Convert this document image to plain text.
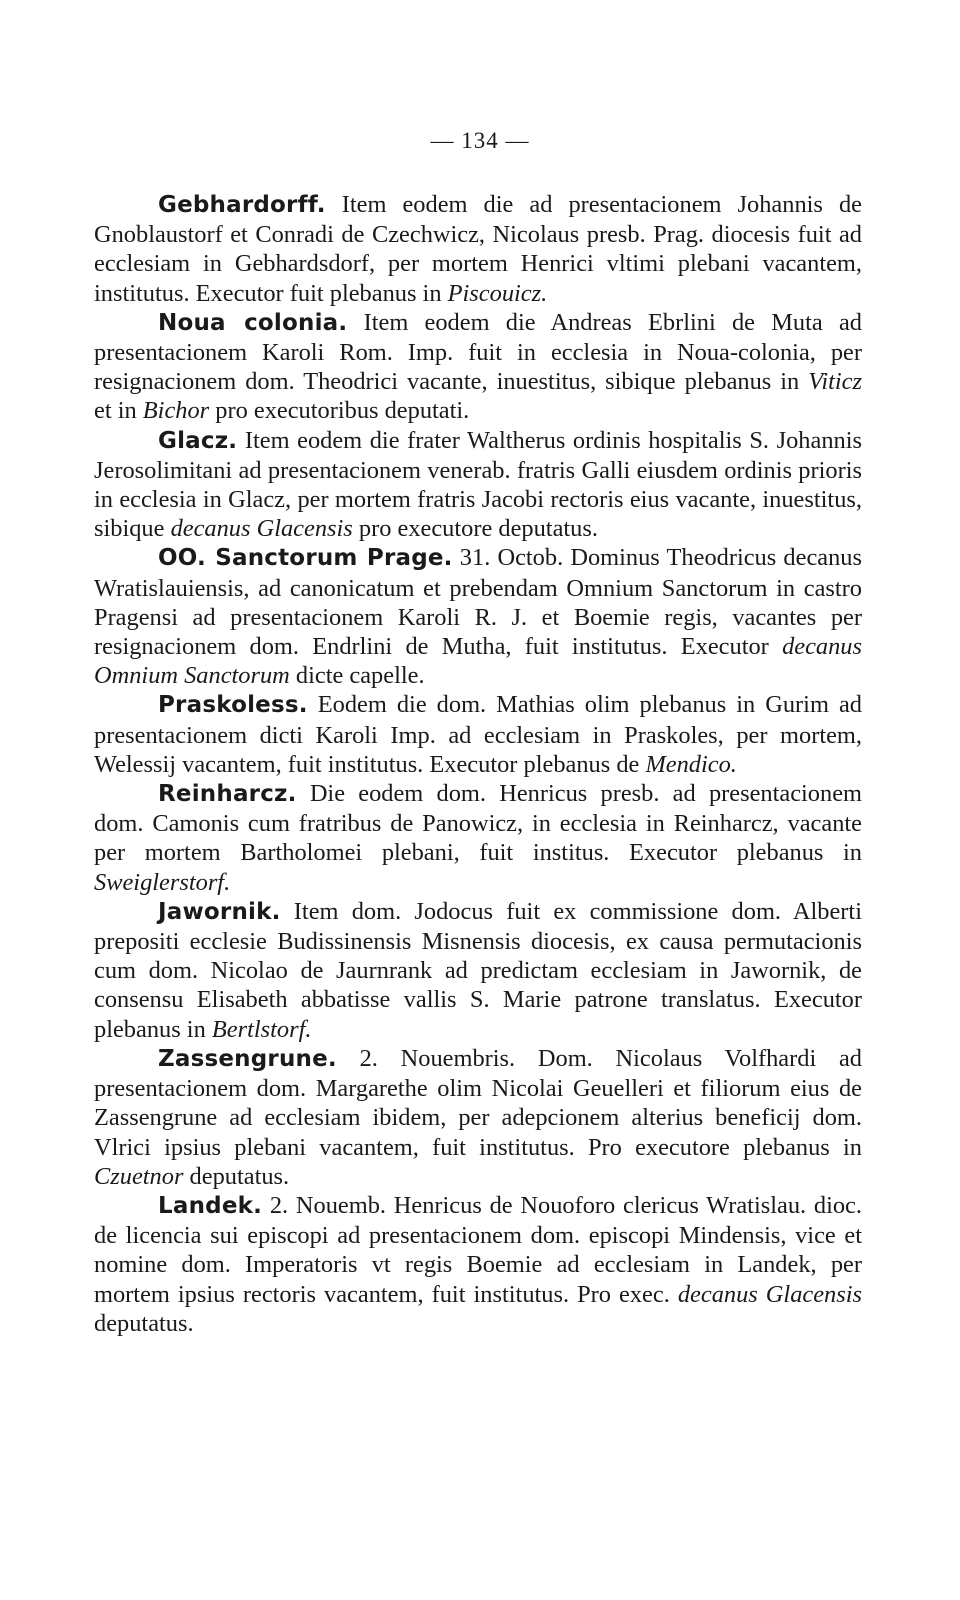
— 134 —

Gebhardorff. Item eodem die ad presentacionem Johannis de Gnoblaustorf et Conradi de Czechwicz, Nicolaus presb. Prag. diocesis fuit ad ecclesiam in Gebhardsdorf, per mortem Henrici vltimi plebani vacantem, institutus. Executor fuit plebanus in Piscouicz.

Noua colonia. Item eodem die Andreas Ebrlini de Muta ad presentacionem Karoli Rom. Imp. fuit in ecclesia in Noua-colonia, per resignacionem dom. Theodrici vacante, inuestitus, sibique plebanus in Viticz et in Bichor pro executoribus deputati.

Glacz. Item eodem die frater Waltherus ordinis hospitalis S. Johannis Jerosolimitani ad presentacionem venerab. fratris Galli eiusdem ordinis prioris in ecclesia in Glacz, per mortem fratris Jacobi rectoris eius vacante, inuestitus, sibique decanus Glacensis pro executore deputatus.

OO. Sanctorum Prage. 31. Octob. Dominus Theodricus decanus Wratislauiensis, ad canonicatum et prebendam Omnium Sanctorum in castro Pragensi ad presentacionem Karoli R. J. et Boemie regis, vacantes per resignacionem dom. Endrlini de Mutha, fuit institutus. Executor decanus Omnium Sanctorum dicte capelle.

Praskoless. Eodem die dom. Mathias olim plebanus in Gurim ad presentacionem dicti Karoli Imp. ad ecclesiam in Praskoles, per mortem, Welessij vacantem, fuit institutus. Executor plebanus de Mendico.

Reinharcz. Die eodem dom. Henricus presb. ad presentacionem dom. Camonis cum fratribus de Panowicz, in ecclesia in Reinharcz, vacante per mortem Bartholomei plebani, fuit institus. Executor plebanus in Sweiglerstorf.

Jawornik. Item dom. Jodocus fuit ex commissione dom. Alberti prepositi ecclesie Budissinensis Misnensis diocesis, ex causa permutacionis cum dom. Nicolao de Jaurnrank ad predictam ecclesiam in Jawornik, de consensu Elisabeth abbatisse vallis S. Marie patrone translatus. Executor plebanus in Bertlstorf.

Zassengrune. 2. Nouembris. Dom. Nicolaus Volfhardi ad presentacionem dom. Margarethe olim Nicolai Geuelleri et filiorum eius de Zassengrune ad ecclesiam ibidem, per adepcionem alterius beneficij dom. Vlrici ipsius plebani vacantem, fuit institutus. Pro executore plebanus in Czuetnor deputatus.

Landek. 2. Nouemb. Henricus de Nouoforo clericus Wratislau. dioc. de licencia sui episcopi ad presentacionem dom. episcopi Mindensis, vice et nomine dom. Imperatoris vt regis Boemie ad ecclesiam in Landek, per mortem ipsius rectoris vacantem, fuit institutus. Pro exec. decanus Glacensis deputatus.
